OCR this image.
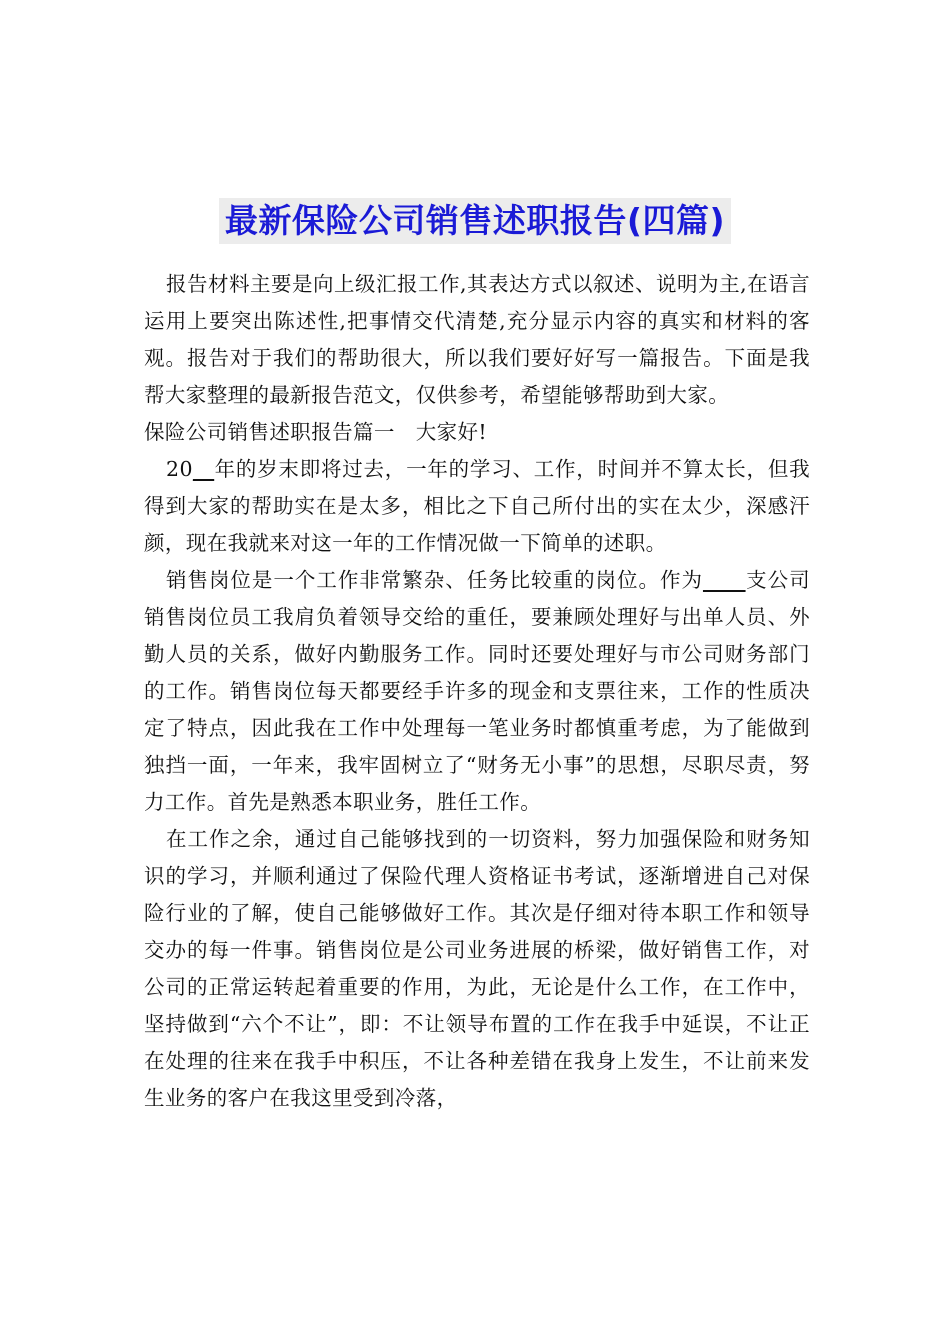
最新保险公司销售述职报告(四篇)

报告材料主要是向上级汇报工作,其表达方式以叙述、说明为主,在语言运用上要突出陈述性,把事情交代清楚,充分显示内容的真实和材料的客观。报告对于我们的帮助很大，所以我们要好好写一篇报告。下面是我帮大家整理的最新报告范文，仅供参考，希望能够帮助到大家。

保险公司销售述职报告篇一　大家好!

20__年的岁末即将过去，一年的学习、工作，时间并不算太长，但我得到大家的帮助实在是太多，相比之下自己所付出的实在太少，深感汗颜，现在我就来对这一年的工作情况做一下简单的述职。

销售岗位是一个工作非常繁杂、任务比较重的岗位。作为____支公司销售岗位员工我肩负着领导交给的重任，要兼顾处理好与出单人员、外勤人员的关系，做好内勤服务工作。同时还要处理好与市公司财务部门的工作。销售岗位每天都要经手许多的现金和支票往来，工作的性质决定了特点，因此我在工作中处理每一笔业务时都慎重考虑，为了能做到独挡一面，一年来，我牢固树立了“财务无小事”的思想，尽职尽责，努力工作。首先是熟悉本职业务，胜任工作。

在工作之余，通过自己能够找到的一切资料，努力加强保险和财务知识的学习，并顺利通过了保险代理人资格证书考试，逐渐增进自己对保险行业的了解，使自己能够做好工作。其次是仔细对待本职工作和领导交办的每一件事。销售岗位是公司业务进展的桥梁，做好销售工作，对公司的正常运转起着重要的作用，为此，无论是什么工作，在工作中，坚持做到“六个不让”，即：不让领导布置的工作在我手中延误，不让正在处理的往来在我手中积压，不让各种差错在我身上发生，不让前来发生业务的客户在我这里受到冷落，
